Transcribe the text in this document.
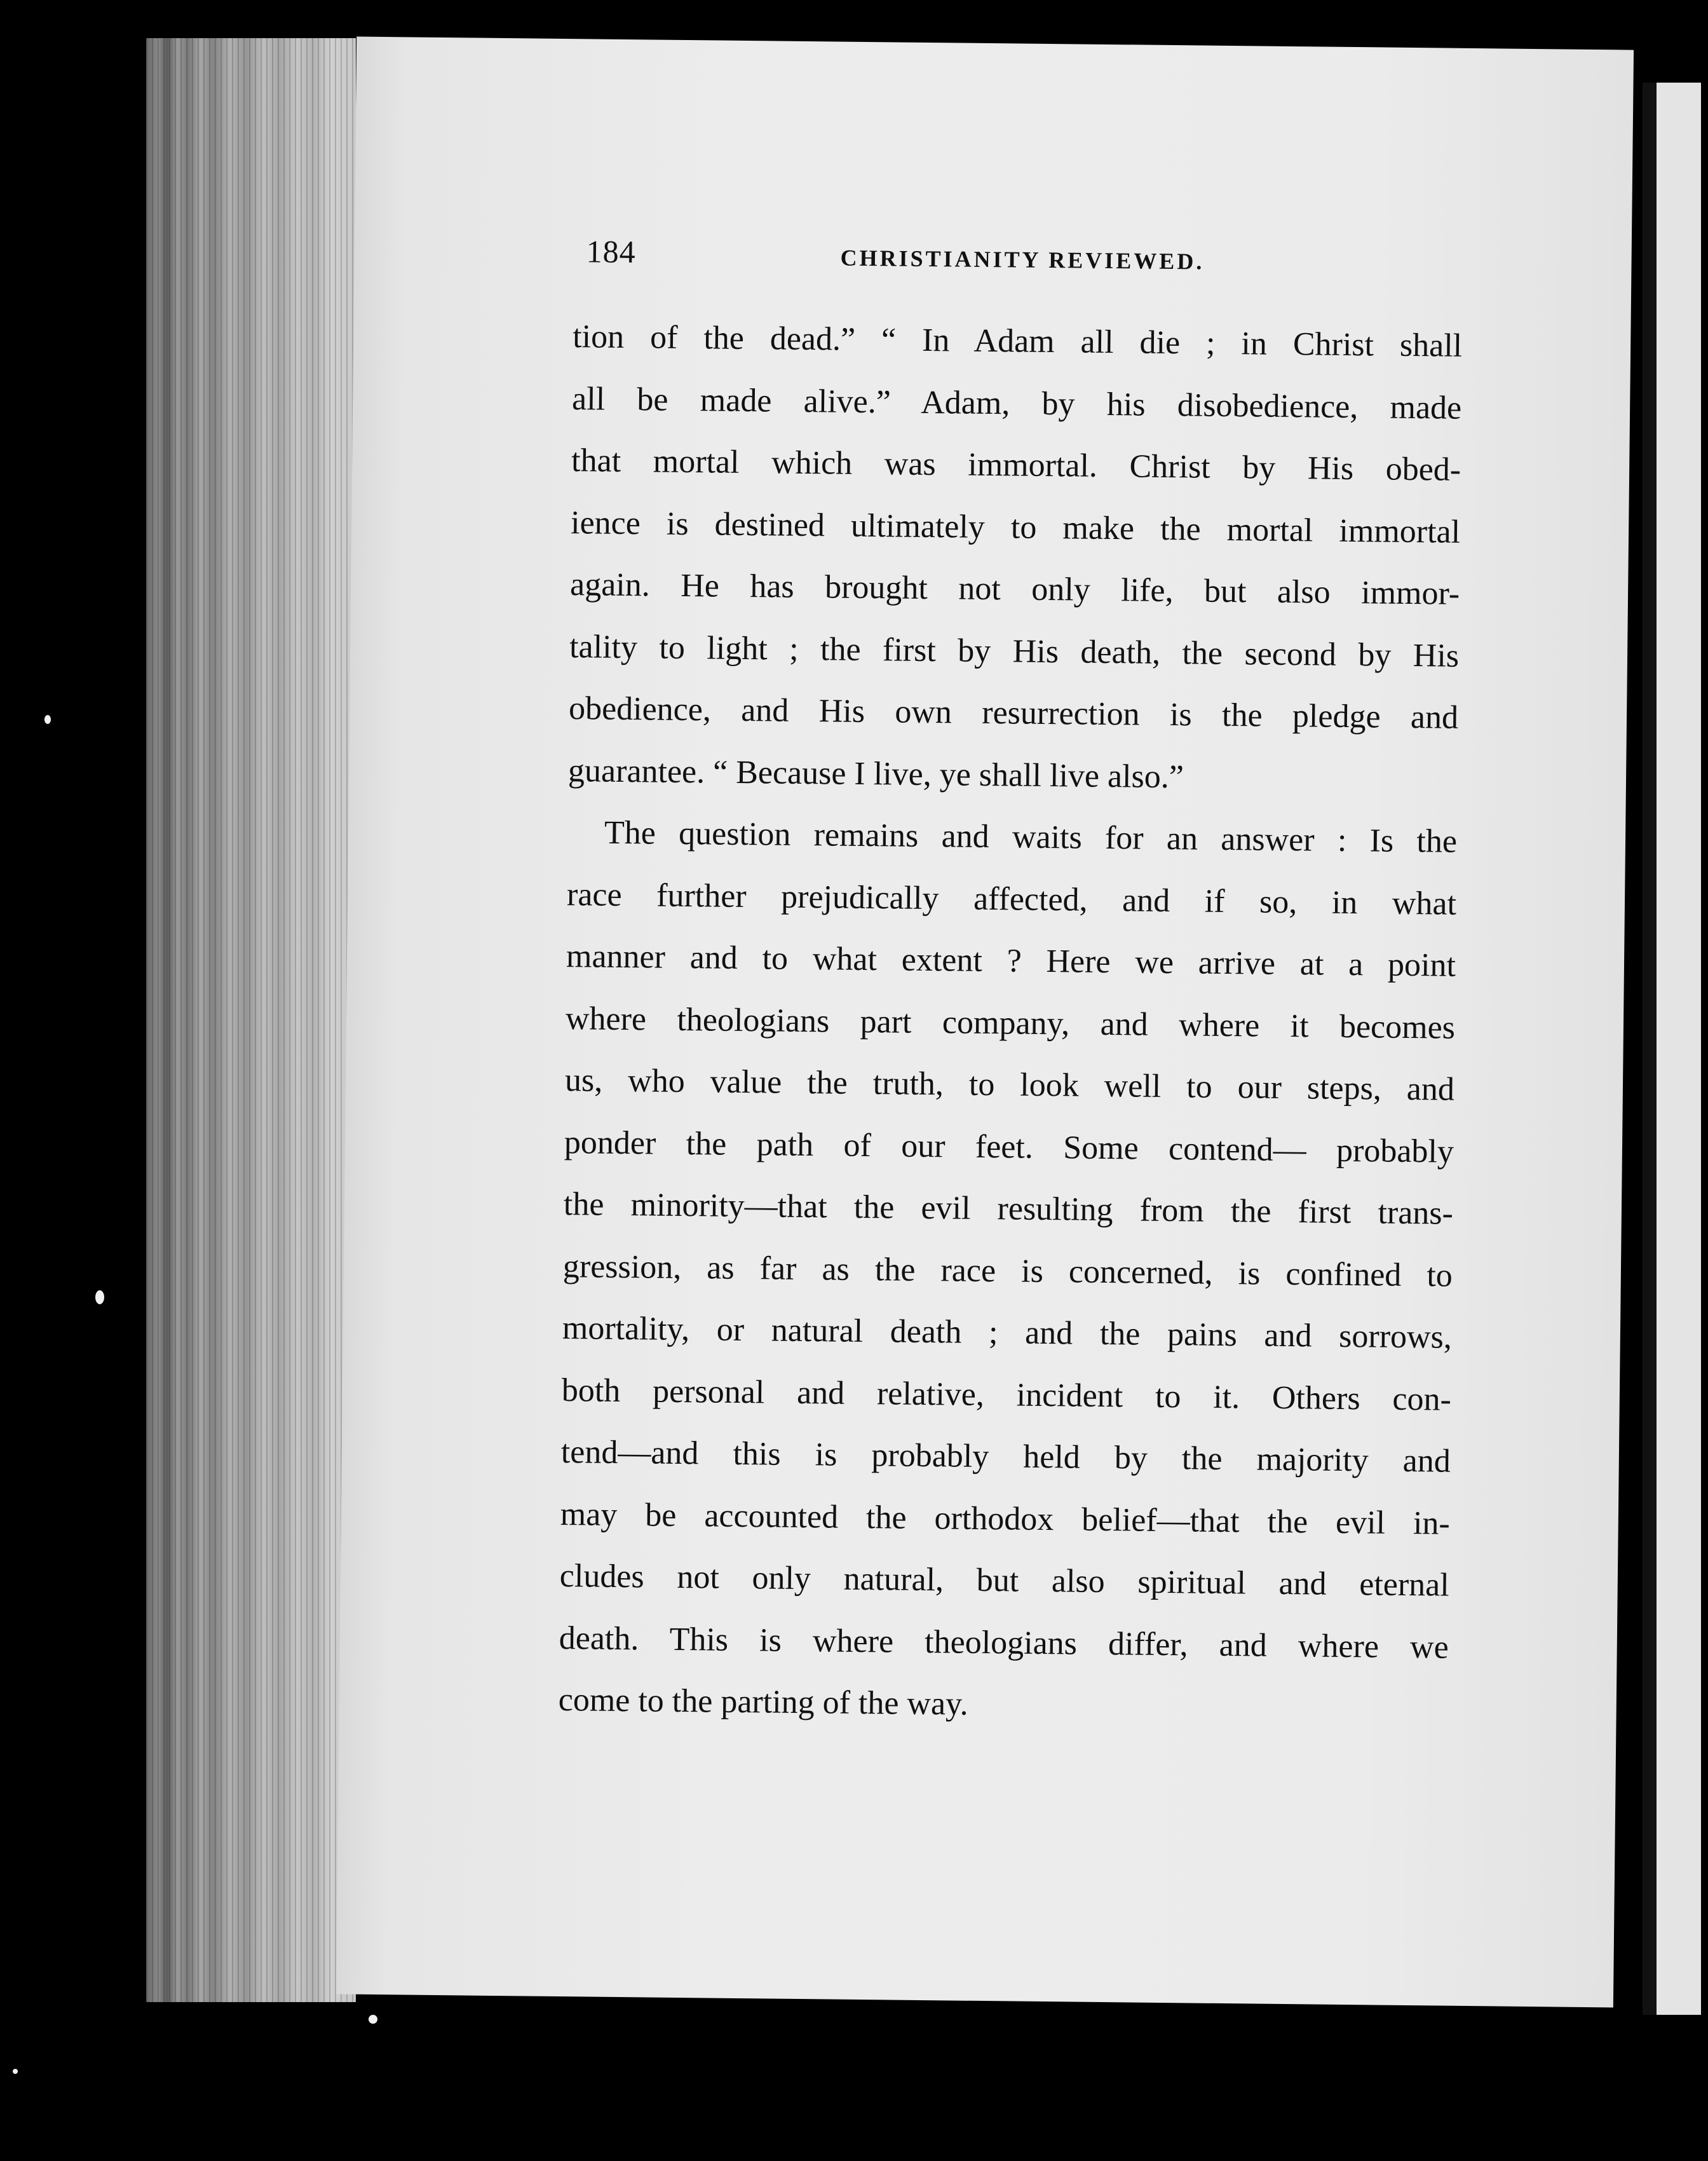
184	CHRISTIANITY REVIEWED.
tion of the dead.” “ In Adam all die ; in Christ shall
all be made alive.” Adam, by his disobedience, made
that mortal which was immortal. Christ by His obed-
ience is destined ultimately to make the mortal immortal
again. He has brought not only life, but also immor-
tality to light ; the first by His death, the second by His
obedience, and His own resurrection is the pledge and
guarantee. “ Because I live, ye shall live also.”
The question remains and waits for an answer : Is the
race further prejudically affected, and if so, in what
manner and to what extent ? Here we arrive at a point
where theologians part company, and where it becomes
us, who value the truth, to look well to our steps, and
ponder the path of our feet. Some contend— probably
the minority—that the evil resulting from the first trans-
gression, as far as the race is concerned, is confined to
mortality, or natural death ; and the pains and sorrows,
both personal and relative, incident to it. Others con-
tend—and this is probably held by the majority and
may be accounted the orthodox belief—that the evil in-
cludes not only natural, but also spiritual and eternal
death. This is where theologians differ, and where we
come to the parting of the way.
